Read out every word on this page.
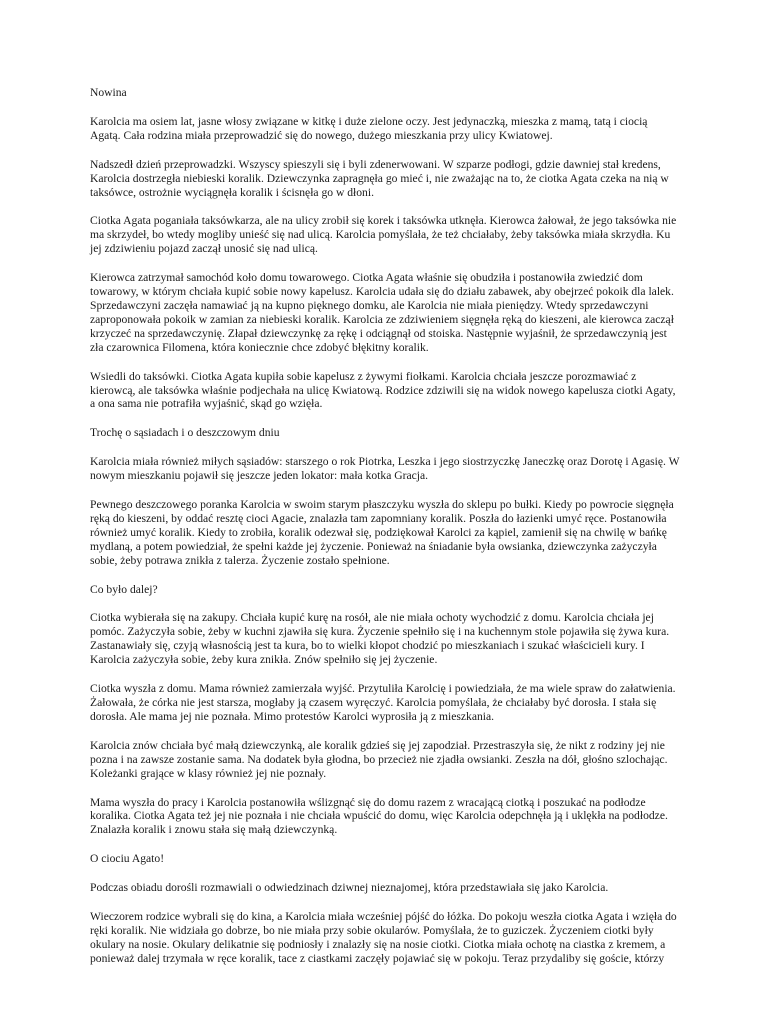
Nowina

Karolcia ma osiem lat, jasne włosy związane w kitkę i duże zielone oczy. Jest jedynaczką, mieszka z mamą, tatą i ciocią Agatą. Cała rodzina miała przeprowadzić się do nowego, dużego mieszkania przy ulicy Kwiatowej.

Nadszedł dzień przeprowadzki. Wszyscy spieszyli się i byli zdenerwowani. W szparze podłogi, gdzie dawniej stał kredens, Karolcia dostrzegła niebieski koralik. Dziewczynka zapragnęła go mieć i, nie zważając na to, że ciotka Agata czeka na nią w taksówce, ostrożnie wyciągnęła koralik i ścisnęła go w dłoni.

Ciotka Agata poganiała taksówkarza, ale na ulicy zrobił się korek i taksówka utknęła. Kierowca żałował, że jego taksówka nie ma skrzydeł, bo wtedy mogliby unieść się nad ulicą. Karolcia pomyślała, że też chciałaby, żeby taksówka miała skrzydła. Ku jej zdziwieniu pojazd zaczął unosić się nad ulicą.

Kierowca zatrzymał samochód koło domu towarowego. Ciotka Agata właśnie się obudziła i postanowiła zwiedzić dom towarowy, w którym chciała kupić sobie nowy kapelusz. Karolcia udała się do działu zabawek, aby obejrzeć pokoik dla lalek. Sprzedawczyni zaczęła namawiać ją na kupno pięknego domku, ale Karolcia nie miała pieniędzy. Wtedy sprzedawczyni zaproponowała pokoik w zamian za niebieski koralik. Karolcia ze zdziwieniem sięgnęła ręką do kieszeni, ale kierowca zaczął krzyczeć na sprzedawczynię. Złapał dziewczynkę za rękę i odciągnął od stoiska. Następnie wyjaśnił, że sprzedawczynią jest zła czarownica Filomena, która koniecznie chce zdobyć błękitny koralik.

Wsiedli do taksówki. Ciotka Agata kupiła sobie kapelusz z żywymi fiołkami. Karolcia chciała jeszcze porozmawiać z kierowcą, ale taksówka właśnie podjechała na ulicę Kwiatową. Rodzice zdziwili się na widok nowego kapelusza ciotki Agaty, a ona sama nie potrafiła wyjaśnić, skąd go wzięła.

Trochę o sąsiadach i o deszczowym dniu

Karolcia miała również miłych sąsiadów: starszego o rok Piotrka, Leszka i jego siostrzyczkę Janeczkę oraz Dorotę i Agasię. W nowym mieszkaniu pojawił się jeszcze jeden lokator: mała kotka Gracja.

Pewnego deszczowego poranka Karolcia w swoim starym płaszczyku wyszła do sklepu po bułki. Kiedy po powrocie sięgnęła ręką do kieszeni, by oddać resztę cioci Agacie, znalazła tam zapomniany koralik. Poszła do łazienki umyć ręce. Postanowiła również umyć koralik. Kiedy to zrobiła, koralik odezwał się, podziękował Karolci za kąpiel, zamienił się na chwilę w bańkę mydlaną, a potem powiedział, że spełni każde jej życzenie. Ponieważ na śniadanie była owsianka, dziewczynka zażyczyła sobie, żeby potrawa znikła z talerza. Życzenie zostało spełnione.

Co było dalej?

Ciotka wybierała się na zakupy. Chciała kupić kurę na rosół, ale nie miała ochoty wychodzić z domu. Karolcia chciała jej pomóc. Zażyczyła sobie, żeby w kuchni zjawiła się kura. Życzenie spełniło się i na kuchennym stole pojawiła się żywa kura. Zastanawiały się, czyją własnością jest ta kura, bo to wielki kłopot chodzić po mieszkaniach i szukać właścicieli kury. I Karolcia zażyczyła sobie, żeby kura znikła. Znów spełniło się jej życzenie.

Ciotka wyszła z domu. Mama również zamierzała wyjść. Przytuliła Karolcię i powiedziała, że ma wiele spraw do załatwienia. Żałowała, że córka nie jest starsza, mogłaby ją czasem wyręczyć. Karolcia pomyślała, że chciałaby być dorosła. I stała się dorosła. Ale mama jej nie poznała. Mimo protestów Karolci wyprosiła ją z mieszkania.

Karolcia znów chciała być małą dziewczynką, ale koralik gdzieś się jej zapodział. Przestraszyła się, że nikt z rodziny jej nie pozna i na zawsze zostanie sama. Na dodatek była głodna, bo przecież nie zjadła owsianki. Zeszła na dół, głośno szlochając. Koleżanki grające w klasy również jej nie poznały.

Mama wyszła do pracy i Karolcia postanowiła wślizgnąć się do domu razem z wracającą ciotką i poszukać na podłodze koralika. Ciotka Agata też jej nie poznała i nie chciała wpuścić do domu, więc Karolcia odepchnęła ją i uklękła na podłodze. Znalazła koralik i znowu stała się małą dziewczynką.

O ciociu Agato!

Podczas obiadu dorośli rozmawiali o odwiedzinach dziwnej nieznajomej, która przedstawiała się jako Karolcia.

Wieczorem rodzice wybrali się do kina, a Karolcia miała wcześniej pójść do łóżka. Do pokoju weszła ciotka Agata i wzięła do ręki koralik. Nie widziała go dobrze, bo nie miała przy sobie okularów. Pomyślała, że to guziczek. Życzeniem ciotki były okulary na nosie. Okulary delikatnie się podniosły i znalazły się na nosie ciotki. Ciotka miała ochotę na ciastka z kremem, a ponieważ dalej trzymała w ręce koralik, tace z ciastkami zaczęły pojawiać się w pokoju. Teraz przydaliby się goście, którzy
